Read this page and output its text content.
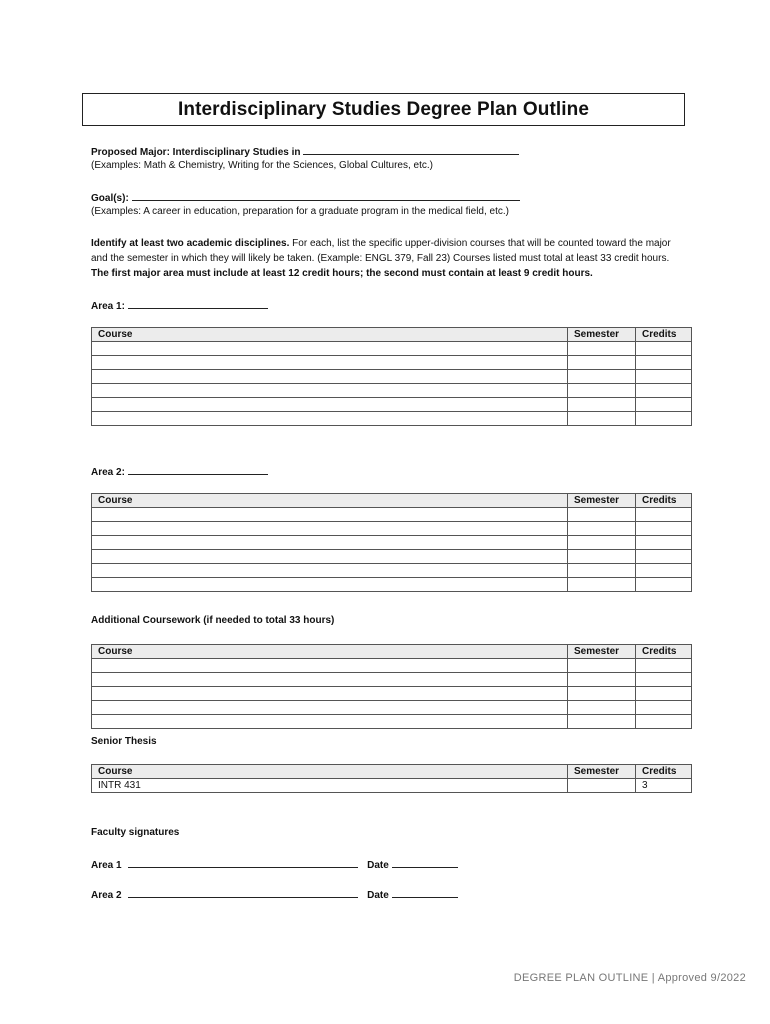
Interdisciplinary Studies Degree Plan Outline
Proposed Major: Interdisciplinary Studies in
(Examples: Math & Chemistry, Writing for the Sciences, Global Cultures, etc.)
Goal(s):
(Examples: A career in education, preparation for a graduate program in the medical field, etc.)
Identify at least two academic disciplines. For each, list the specific upper-division courses that will be counted toward the major and the semester in which they will likely be taken. (Example: ENGL 379, Fall 23) Courses listed must total at least 33 credit hours. The first major area must include at least 12 credit hours; the second must contain at least 9 credit hours.
Area 1:
Course	Semester	Credits

Area 2:
Course	Semester	Credits

Additional Coursework (if needed to total 33 hours)
Course	Semester	Credits

Senior Thesis
Course	Semester	Credits
INTR 431		3
Faculty signatures
Area 1	Date
Area 2	Date
DEGREE PLAN OUTLINE | Approved 9/2022
